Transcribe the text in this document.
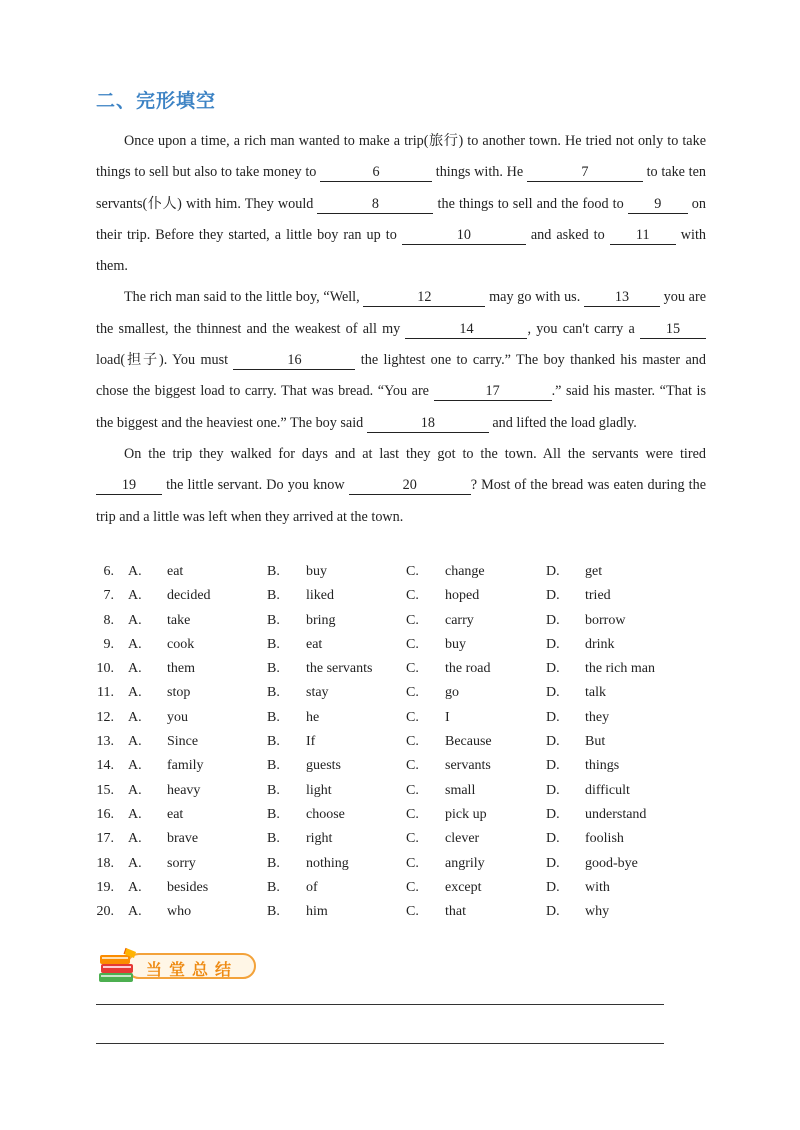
二、完形填空

Once upon a time, a rich man wanted to make a trip(旅行) to another town. He tried not only to take things to sell but also to take money to	6	things with. He	7	to take ten servants(仆人) with him. They would	8	the things to sell and the food to 9 on their trip. Before they started, a little boy ran up to	10	and asked to 11 with them.

The rich man said to the little boy, “Well,	12	may go with us. 13 you are the smallest, the thinnest and the weakest of all my	14	, you can't carry a 15 load(担子). You must	16	the lightest one to carry.” The boy thanked his master and chose the biggest load to carry. That was bread. “You are	17	.” said his master. “That is the biggest and the heaviest one.” The boy said	18	and lifted the load gladly.

On the trip they walked for days and at last they got to the town. All the servants were tired 19 the little servant. Do you know	20	? Most of the bread was eaten during the trip and a little was left when they arrived at the town.

6. A. eat	B. buy	C. change	D. get
7. A. decided	B. liked	C. hoped	D. tried
8. A. take	B. bring	C. carry	D. borrow
9. A. cook	B. eat	C. buy	D. drink
10. A. them	B. the servants C. the road	D. the rich man
11. A. stop	B. stay	C. go	D. talk
12. A. you	B. he	C. I	D. they
13. A. Since	B. If	C. Because	D. But
14. A. family	B. guests	C. servants	D. things
15. A. heavy	B. light	C. small	D. difficult
16. A. eat	B. choose	C. pick up	D. understand
17. A. brave	B. right	C. clever	D. foolish
18. A. sorry	B. nothing	C. angrily	D. good-bye
19. A. besides	B. of	C. except	D. with
20. A. who	B. him	C. that	D. why
当堂总结
